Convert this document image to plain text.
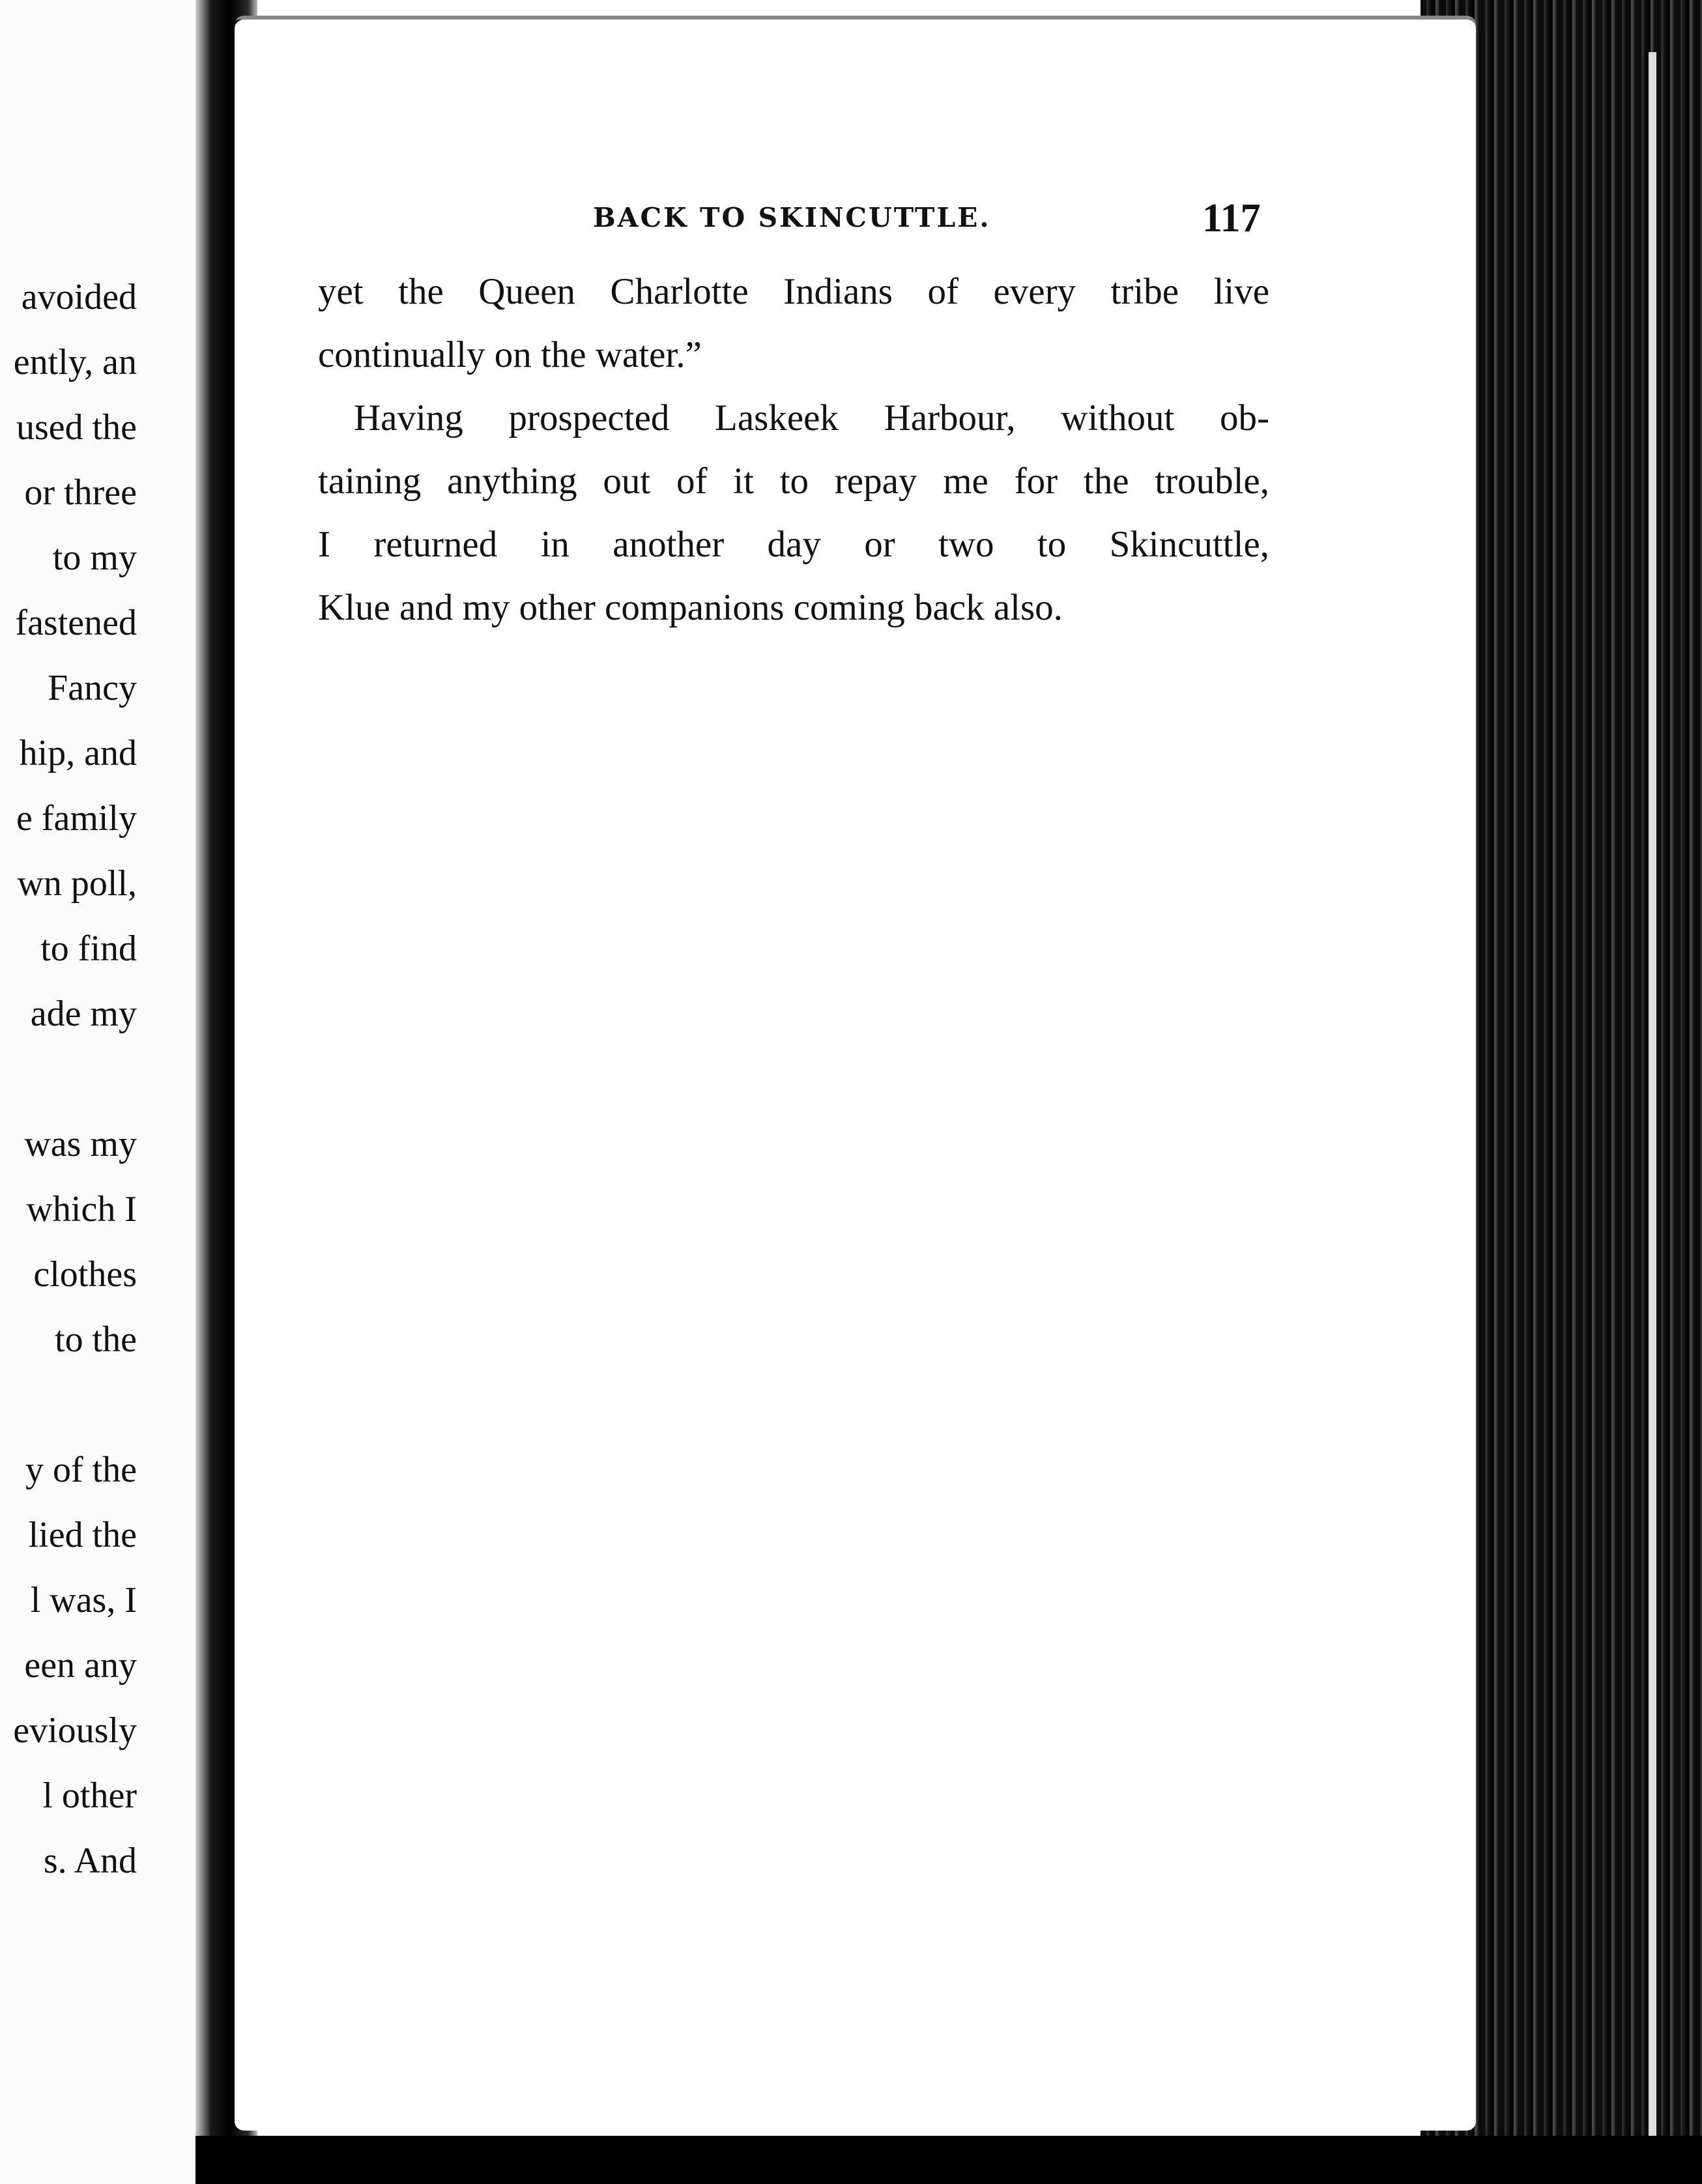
avoided
ently, an
used the
or three
to my
fastened
Fancy
hip, and
e family
wn poll,
to find
ade my
was my
which I
clothes
to the
y of the
lied the
l was, I
een any
eviously
l other
s. And
BACK TO SKINCUTTLE.	117
yet the Queen Charlotte Indians of every tribe live
continually on the water.”
Having prospected Laskeek Harbour, without ob-
taining anything out of it to repay me for the trouble,
I returned in another day or two to Skincuttle,
Klue and my other companions coming back also.
